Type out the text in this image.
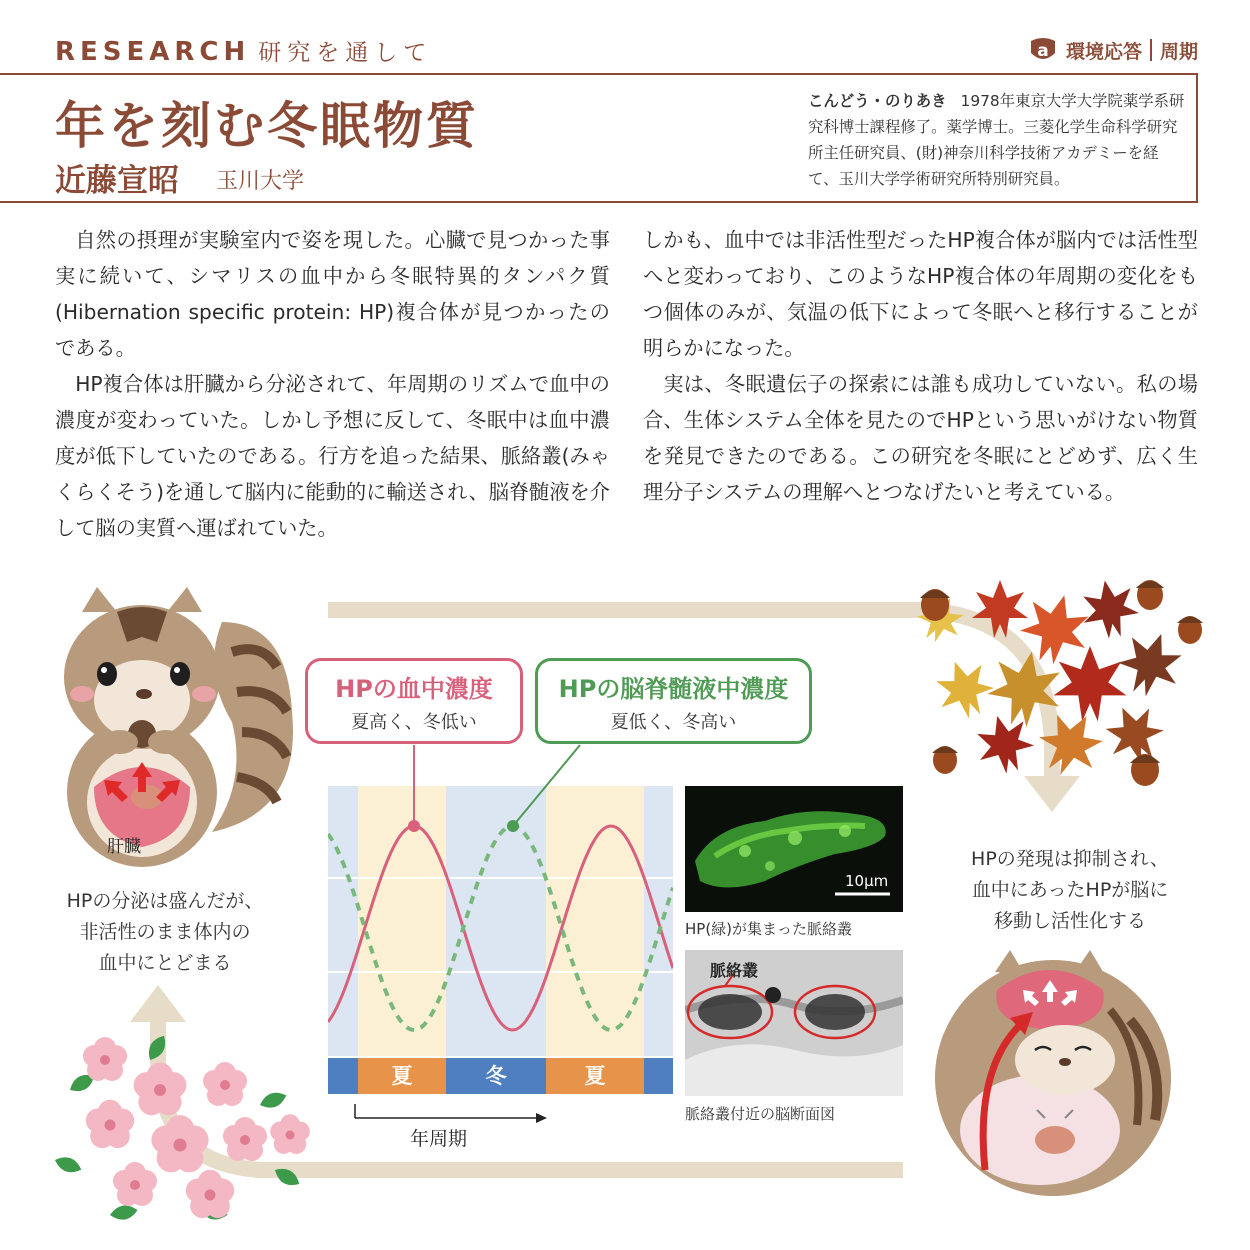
RESEARCH 研究を通して	a 環境応答 周期
年を刻む冬眠物質
近藤宣昭 玉川大学
こんどう・のりあき 1978年東京大学大学院薬学系研究科博士課程修了。薬学博士。三菱化学生命科学研究所主任研究員、(財)神奈川科学技術アカデミーを経て、玉川大学学術研究所特別研究員。

自然の摂理が実験室内で姿を現した。心臓で見つかった事実に続いて、シマリスの血中から冬眠特異的タンパク質(Hibernation specific protein: HP)複合体が見つかったのである。

HP複合体は肝臓から分泌されて、年周期のリズムで血中の濃度が変わっていた。しかし予想に反して、冬眠中は血中濃度が低下していたのである。行方を追った結果、脈絡叢(みゃくらくそう)を通して脳内に能動的に輸送され、脳脊髄液を介して脳の実質へ運ばれていた。

しかも、血中では非活性型だったHP複合体が脳内では活性型へと変わっており、このようなHP複合体の年周期の変化をもつ個体のみが、気温の低下によって冬眠へと移行することが明らかになった。

実は、冬眠遺伝子の探索には誰も成功していない。私の場合、生体システム全体を見たのでHPという思いがけない物質を発見できたのである。この研究を冬眠にとどめず、広く生理分子システムの理解へとつなげたいと考えている。

肝臓
HPの分泌は盛んだが、
非活性のまま体内の
血中にとどまる
夏	冬	夏
年周期
HPの血中濃度
夏高く、冬低い
HPの脳脊髄液中濃度
夏低く、冬高い
10μm
HP(緑)が集まった脈絡叢
脈絡叢
脈絡叢付近の脳断面図
HPの発現は抑制され、
血中にあったHPが脳に
移動し活性化する
